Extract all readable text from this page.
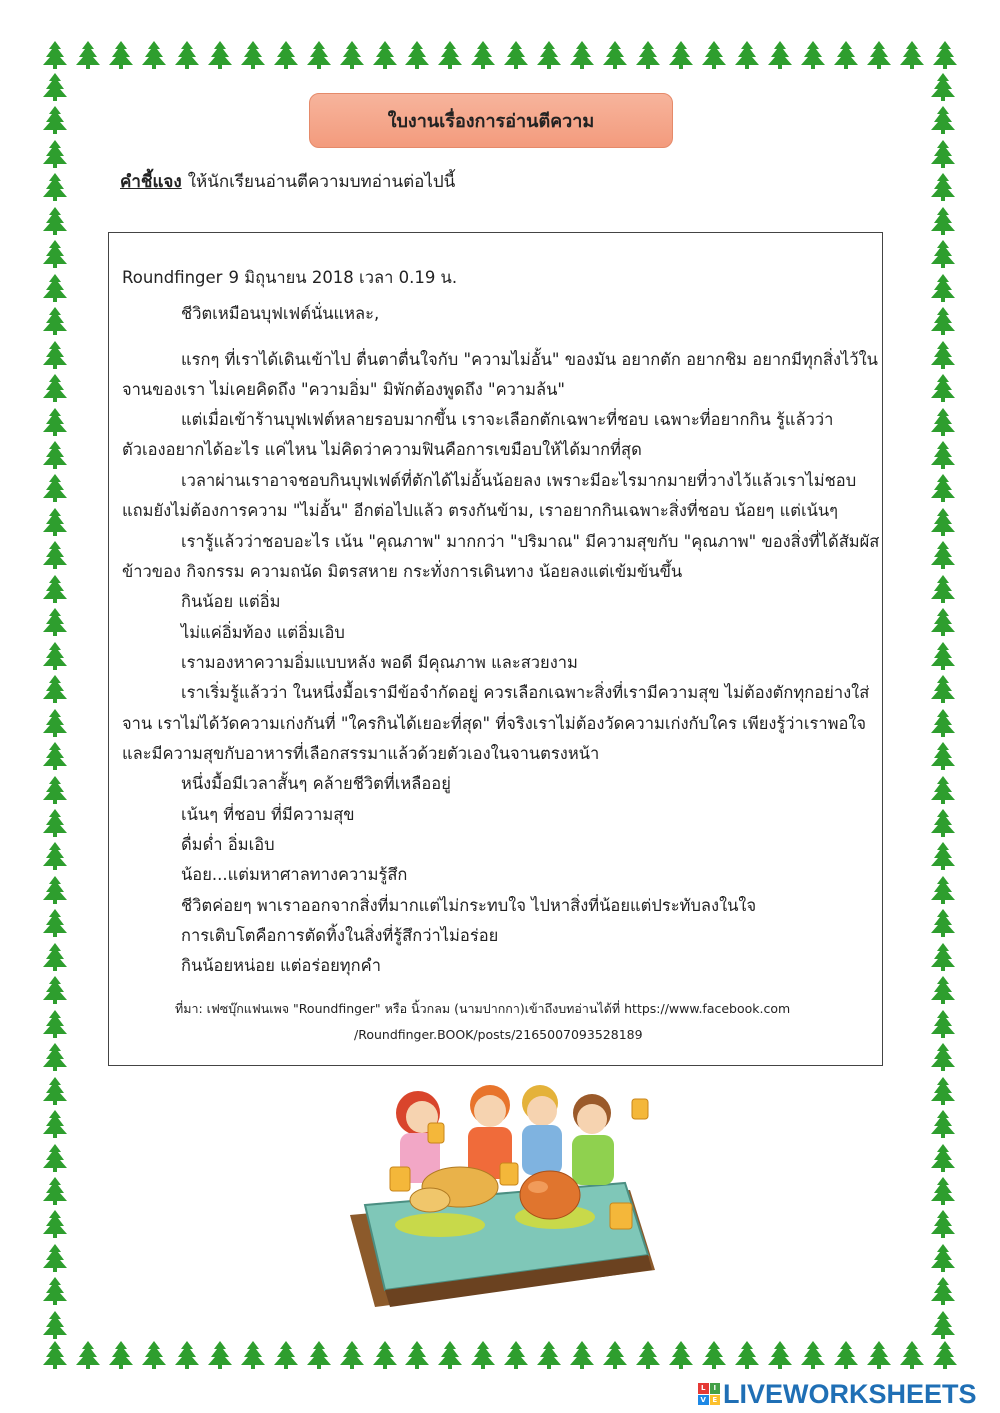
ใบงานเรื่องการอ่านตีความ
คำชี้แจง ให้นักเรียนอ่านตีความบทอ่านต่อไปนี้
Roundfinger 9 มิถุนายน 2018 เวลา 0.19 น.
ชีวิตเหมือนบุฟเฟต์นั่นแหละ,
แรกๆ ที่เราได้เดินเข้าไป ตื่นตาตื่นใจกับ "ความไม่อั้น" ของมัน อยากตัก อยากชิม อยากมีทุกสิ่งไว้ใน
จานของเรา ไม่เคยคิดถึง "ความอิ่ม" มิพักต้องพูดถึง "ความล้น"
แต่เมื่อเข้าร้านบุฟเฟต์หลายรอบมากขึ้น เราจะเลือกตักเฉพาะที่ชอบ เฉพาะที่อยากกิน รู้แล้วว่า
ตัวเองอยากได้อะไร แค่ไหน ไม่คิดว่าความฟินคือการเขมือบให้ได้มากที่สุด
เวลาผ่านเราอาจชอบกินบุฟเฟต์ที่ตักได้ไม่อั้นน้อยลง เพราะมีอะไรมากมายที่วางไว้แล้วเราไม่ชอบ
แถมยังไม่ต้องการความ "ไม่อั้น" อีกต่อไปแล้ว ตรงกันข้าม, เราอยากกินเฉพาะสิ่งที่ชอบ น้อยๆ แต่เน้นๆ
เรารู้แล้วว่าชอบอะไร เน้น "คุณภาพ" มากกว่า "ปริมาณ" มีความสุขกับ "คุณภาพ" ของสิ่งที่ได้สัมผัส
ข้าวของ กิจกรรม ความถนัด มิตรสหาย กระทั่งการเดินทาง น้อยลงแต่เข้มข้นขึ้น
กินน้อย แต่อิ่ม
ไม่แค่อิ่มท้อง แต่อิ่มเอิบ
เรามองหาความอิ่มแบบหลัง พอดี มีคุณภาพ และสวยงาม
เราเริ่มรู้แล้วว่า ในหนึ่งมื้อเรามีข้อจำกัดอยู่ ควรเลือกเฉพาะสิ่งที่เรามีความสุข ไม่ต้องตักทุกอย่างใส่
จาน เราไม่ได้วัดความเก่งกันที่ "ใครกินได้เยอะที่สุด" ที่จริงเราไม่ต้องวัดความเก่งกับใคร เพียงรู้ว่าเราพอใจ
และมีความสุขกับอาหารที่เลือกสรรมาแล้วด้วยตัวเองในจานตรงหน้า
หนึ่งมื้อมีเวลาสั้นๆ คล้ายชีวิตที่เหลืออยู่
เน้นๆ ที่ชอบ ที่มีความสุข
ดื่มด่ำ อิ่มเอิบ
น้อย...แต่มหาศาลทางความรู้สึก
ชีวิตค่อยๆ พาเราออกจากสิ่งที่มากแต่ไม่กระทบใจ ไปหาสิ่งที่น้อยแต่ประทับลงในใจ
การเติบโตคือการตัดทิ้งในสิ่งที่รู้สึกว่าไม่อร่อย
กินน้อยหน่อย แต่อร่อยทุกคำ
ที่มา: เฟซบุ๊กแฟนเพจ "Roundfinger" หรือ นิ้วกลม (นามปากกา)เข้าถึงบทอ่านได้ที่ https://www.facebook.com
/Roundfinger.BOOK/posts/2165007093528189
L	I
V E LIVEWORKSHEETS
